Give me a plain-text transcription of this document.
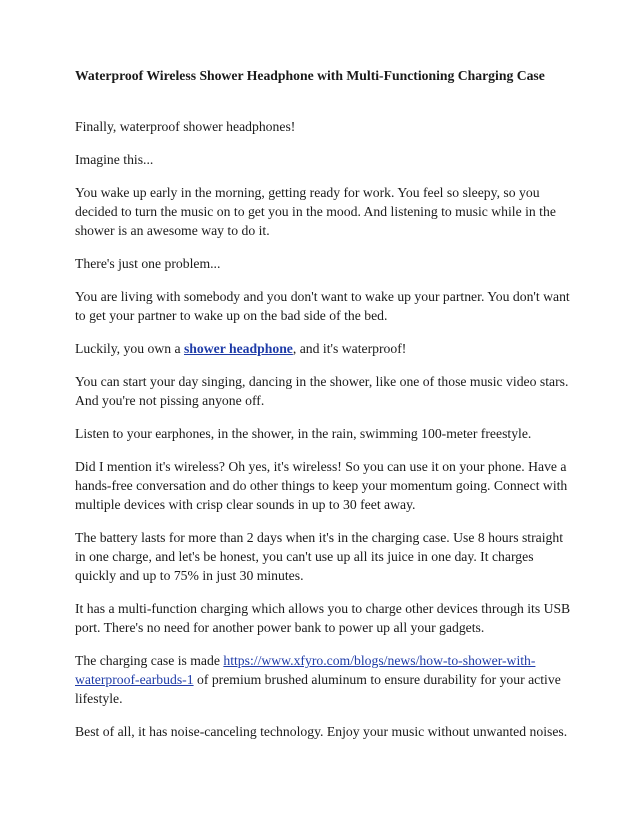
Waterproof Wireless Shower Headphone with Multi-Functioning Charging Case

Finally, waterproof shower headphones!

Imagine this...

You wake up early in the morning, getting ready for work. You feel so sleepy, so you decided to turn the music on to get you in the mood. And listening to music while in the shower is an awesome way to do it.

There's just one problem...

You are living with somebody and you don't want to wake up your partner. You don't want to get your partner to wake up on the bad side of the bed.

Luckily, you own a shower headphone, and it's waterproof!

You can start your day singing, dancing in the shower, like one of those music video stars. And you're not pissing anyone off.

Listen to your earphones, in the shower, in the rain, swimming 100-meter freestyle.

Did I mention it's wireless? Oh yes, it's wireless! So you can use it on your phone. Have a hands-free conversation and do other things to keep your momentum going. Connect with multiple devices with crisp clear sounds in up to 30 feet away.

The battery lasts for more than 2 days when it's in the charging case. Use 8 hours straight in one charge, and let's be honest, you can't use up all its juice in one day. It charges quickly and up to 75% in just 30 minutes.

It has a multi-function charging which allows you to charge other devices through its USB port. There's no need for another power bank to power up all your gadgets.

The charging case is made https://www.xfyro.com/blogs/news/how-to-shower-with-waterproof-earbuds-1 of premium brushed aluminum to ensure durability for your active lifestyle.

Best of all, it has noise-canceling technology. Enjoy your music without unwanted noises.
